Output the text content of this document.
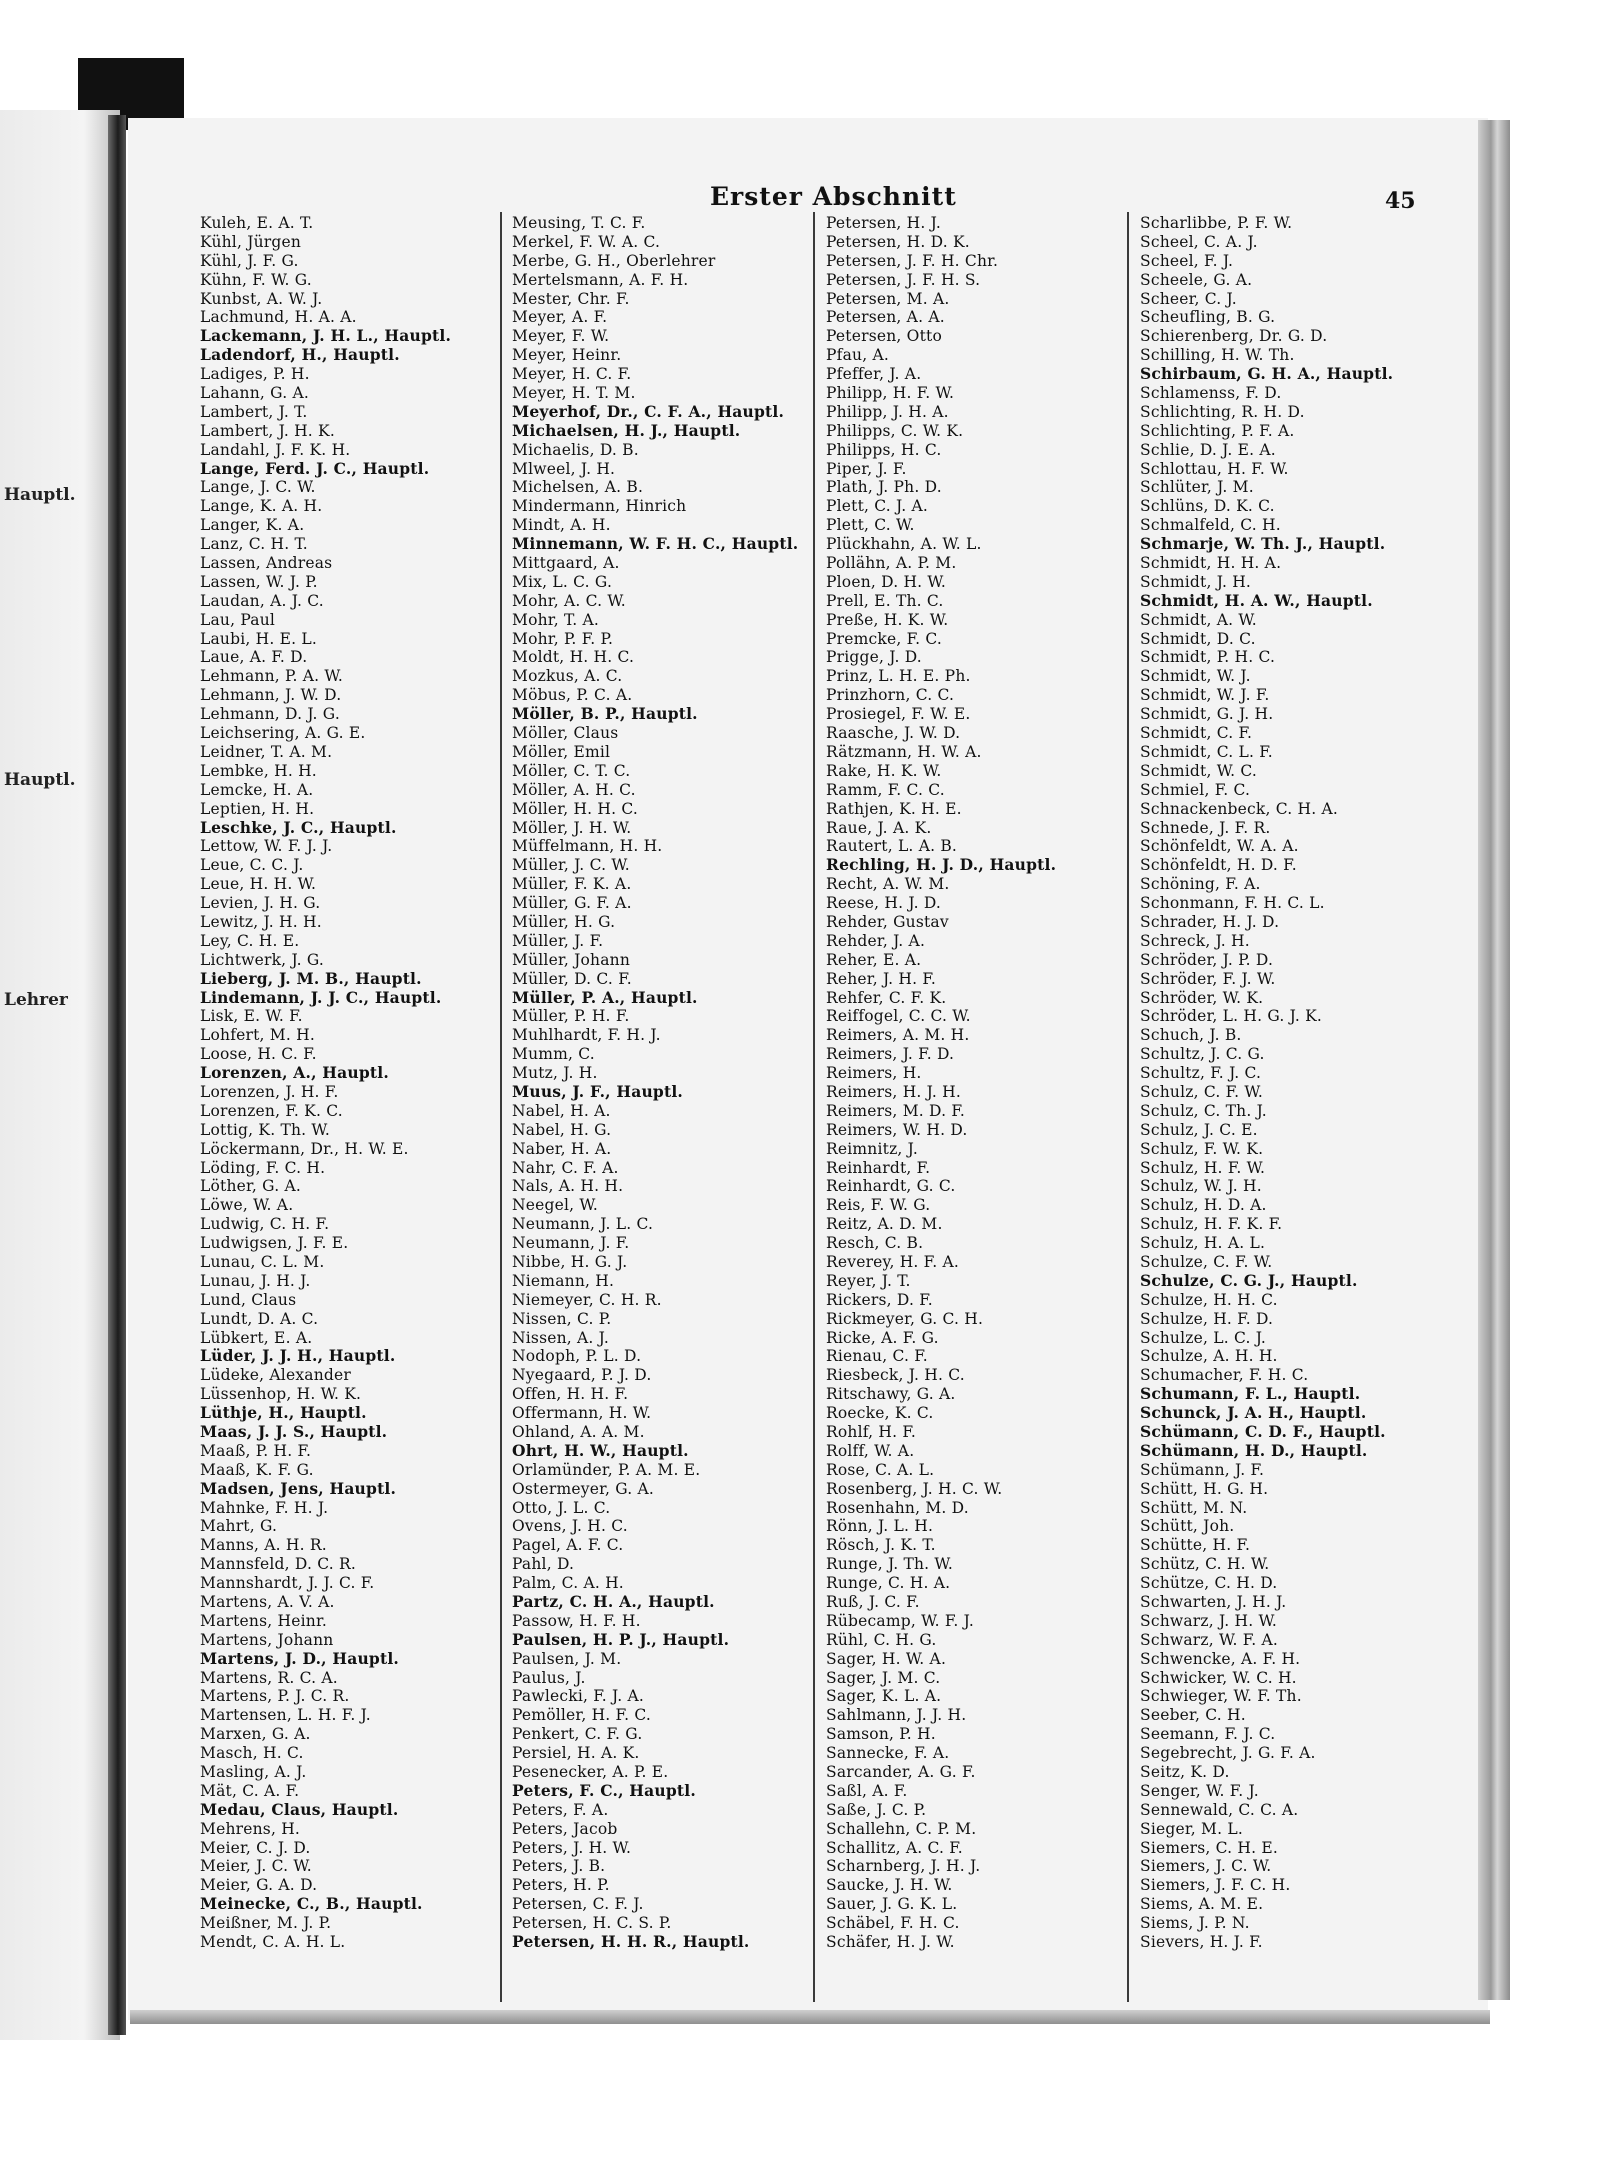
Hauptl.
Hauptl.
Lehrer
Erster Abschnitt	45
Kuleh, E. A. T.
Kühl, Jürgen
Kühl, J. F. G.
Kühn, F. W. G.
Kunbst, A. W. J.
Lachmund, H. A. A.
Lackemann, J. H. L., Hauptl.
Ladendorf, H., Hauptl.
Ladiges, P. H.
Lahann, G. A.
Lambert, J. T.
Lambert, J. H. K.
Landahl, J. F. K. H.
Lange, Ferd. J. C., Hauptl.
Lange, J. C. W.
Lange, K. A. H.
Langer, K. A.
Lanz, C. H. T.
Lassen, Andreas
Lassen, W. J. P.
Laudan, A. J. C.
Lau, Paul
Laubi, H. E. L.
Laue, A. F. D.
Lehmann, P. A. W.
Lehmann, J. W. D.
Lehmann, D. J. G.
Leichsering, A. G. E.
Leidner, T. A. M.
Lembke, H. H.
Lemcke, H. A.
Leptien, H. H.
Leschke, J. C., Hauptl.
Lettow, W. F. J. J.
Leue, C. C. J.
Leue, H. H. W.
Levien, J. H. G.
Lewitz, J. H. H.
Ley, C. H. E.
Lichtwerk, J. G.
Lieberg, J. M. B., Hauptl.
Lindemann, J. J. C., Hauptl.
Lisk, E. W. F.
Lohfert, M. H.
Loose, H. C. F.
Lorenzen, A., Hauptl.
Lorenzen, J. H. F.
Lorenzen, F. K. C.
Lottig, K. Th. W.
Löckermann, Dr., H. W. E.
Löding, F. C. H.
Löther, G. A.
Löwe, W. A.
Ludwig, C. H. F.
Ludwigsen, J. F. E.
Lunau, C. L. M.
Lunau, J. H. J.
Lund, Claus
Lundt, D. A. C.
Lübkert, E. A.
Lüder, J. J. H., Hauptl.
Lüdeke, Alexander
Lüssenhop, H. W. K.
Lüthje, H., Hauptl.
Maas, J. J. S., Hauptl.
Maaß, P. H. F.
Maaß, K. F. G.
Madsen, Jens, Hauptl.
Mahnke, F. H. J.
Mahrt, G.
Manns, A. H. R.
Mannsfeld, D. C. R.
Mannshardt, J. J. C. F.
Martens, A. V. A.
Martens, Heinr.
Martens, Johann
Martens, J. D., Hauptl.
Martens, R. C. A.
Martens, P. J. C. R.
Martensen, L. H. F. J.
Marxen, G. A.
Masch, H. C.
Masling, A. J.
Mät, C. A. F.
Medau, Claus, Hauptl.
Mehrens, H.
Meier, C. J. D.
Meier, J. C. W.
Meier, G. A. D.
Meinecke, C., B., Hauptl.
Meißner, M. J. P.
Mendt, C. A. H. L.
Meusing, T. C. F.
Merkel, F. W. A. C.
Merbe, G. H., Oberlehrer
Mertelsmann, A. F. H.
Mester, Chr. F.
Meyer, A. F.
Meyer, F. W.
Meyer, Heinr.
Meyer, H. C. F.
Meyer, H. T. M.
Meyerhof, Dr., C. F. A., Hauptl.
Michaelsen, H. J., Hauptl.
Michaelis, D. B.
Mlweel, J. H.
Michelsen, A. B.
Mindermann, Hinrich
Mindt, A. H.
Minnemann, W. F. H. C., Hauptl.
Mittgaard, A.
Mix, L. C. G.
Mohr, A. C. W.
Mohr, T. A.
Mohr, P. F. P.
Moldt, H. H. C.
Mozkus, A. C.
Möbus, P. C. A.
Möller, B. P., Hauptl.
Möller, Claus
Möller, Emil
Möller, C. T. C.
Möller, A. H. C.
Möller, H. H. C.
Möller, J. H. W.
Müffelmann, H. H.
Müller, J. C. W.
Müller, F. K. A.
Müller, G. F. A.
Müller, H. G.
Müller, J. F.
Müller, Johann
Müller, D. C. F.
Müller, P. A., Hauptl.
Müller, P. H. F.
Muhlhardt, F. H. J.
Mumm, C.
Mutz, J. H.
Muus, J. F., Hauptl.
Nabel, H. A.
Nabel, H. G.
Naber, H. A.
Nahr, C. F. A.
Nals, A. H. H.
Neegel, W.
Neumann, J. L. C.
Neumann, J. F.
Nibbe, H. G. J.
Niemann, H.
Niemeyer, C. H. R.
Nissen, C. P.
Nissen, A. J.
Nodoph, P. L. D.
Nyegaard, P. J. D.
Offen, H. H. F.
Offermann, H. W.
Ohland, A. A. M.
Ohrt, H. W., Hauptl.
Orlamünder, P. A. M. E.
Ostermeyer, G. A.
Otto, J. L. C.
Ovens, J. H. C.
Pagel, A. F. C.
Pahl, D.
Palm, C. A. H.
Partz, C. H. A., Hauptl.
Passow, H. F. H.
Paulsen, H. P. J., Hauptl.
Paulsen, J. M.
Paulus, J.
Pawlecki, F. J. A.
Pemöller, H. F. C.
Penkert, C. F. G.
Persiel, H. A. K.
Pesenecker, A. P. E.
Peters, F. C., Hauptl.
Peters, F. A.
Peters, Jacob
Peters, J. H. W.
Peters, J. B.
Peters, H. P.
Petersen, C. F. J.
Petersen, H. C. S. P.
Petersen, H. H. R., Hauptl.
Petersen, H. J.
Petersen, H. D. K.
Petersen, J. F. H. Chr.
Petersen, J. F. H. S.
Petersen, M. A.
Petersen, A. A.
Petersen, Otto
Pfau, A.
Pfeffer, J. A.
Philipp, H. F. W.
Philipp, J. H. A.
Philipps, C. W. K.
Philipps, H. C.
Piper, J. F.
Plath, J. Ph. D.
Plett, C. J. A.
Plett, C. W.
Plückhahn, A. W. L.
Pollähn, A. P. M.
Ploen, D. H. W.
Prell, E. Th. C.
Preße, H. K. W.
Premcke, F. C.
Prigge, J. D.
Prinz, L. H. E. Ph.
Prinzhorn, C. C.
Prosiegel, F. W. E.
Raasche, J. W. D.
Rätzmann, H. W. A.
Rake, H. K. W.
Ramm, F. C. C.
Rathjen, K. H. E.
Raue, J. A. K.
Rautert, L. A. B.
Rechling, H. J. D., Hauptl.
Recht, A. W. M.
Reese, H. J. D.
Rehder, Gustav
Rehder, J. A.
Reher, E. A.
Reher, J. H. F.
Rehfer, C. F. K.
Reiffogel, C. C. W.
Reimers, A. M. H.
Reimers, J. F. D.
Reimers, H.
Reimers, H. J. H.
Reimers, M. D. F.
Reimers, W. H. D.
Reimnitz, J.
Reinhardt, F.
Reinhardt, G. C.
Reis, F. W. G.
Reitz, A. D. M.
Resch, C. B.
Reverey, H. F. A.
Reyer, J. T.
Rickers, D. F.
Rickmeyer, G. C. H.
Ricke, A. F. G.
Rienau, C. F.
Riesbeck, J. H. C.
Ritschawy, G. A.
Roecke, K. C.
Rohlf, H. F.
Rolff, W. A.
Rose, C. A. L.
Rosenberg, J. H. C. W.
Rosenhahn, M. D.
Rönn, J. L. H.
Rösch, J. K. T.
Runge, J. Th. W.
Runge, C. H. A.
Ruß, J. C. F.
Rübecamp, W. F. J.
Rühl, C. H. G.
Sager, H. W. A.
Sager, J. M. C.
Sager, K. L. A.
Sahlmann, J. J. H.
Samson, P. H.
Sannecke, F. A.
Sarcander, A. G. F.
Saßl, A. F.
Saße, J. C. P.
Schallehn, C. P. M.
Schallitz, A. C. F.
Scharnberg, J. H. J.
Saucke, J. H. W.
Sauer, J. G. K. L.
Schäbel, F. H. C.
Schäfer, H. J. W.
Scharlibbe, P. F. W.
Scheel, C. A. J.
Scheel, F. J.
Scheele, G. A.
Scheer, C. J.
Scheufling, B. G.
Schierenberg, Dr. G. D.
Schilling, H. W. Th.
Schirbaum, G. H. A., Hauptl.
Schlamenss, F. D.
Schlichting, R. H. D.
Schlichting, P. F. A.
Schlie, D. J. E. A.
Schlottau, H. F. W.
Schlüter, J. M.
Schlüns, D. K. C.
Schmalfeld, C. H.
Schmarje, W. Th. J., Hauptl.
Schmidt, H. H. A.
Schmidt, J. H.
Schmidt, H. A. W., Hauptl.
Schmidt, A. W.
Schmidt, D. C.
Schmidt, P. H. C.
Schmidt, W. J.
Schmidt, W. J. F.
Schmidt, G. J. H.
Schmidt, C. F.
Schmidt, C. L. F.
Schmidt, W. C.
Schmiel, F. C.
Schnackenbeck, C. H. A.
Schnede, J. F. R.
Schönfeldt, W. A. A.
Schönfeldt, H. D. F.
Schöning, F. A.
Schonmann, F. H. C. L.
Schrader, H. J. D.
Schreck, J. H.
Schröder, J. P. D.
Schröder, F. J. W.
Schröder, W. K.
Schröder, L. H. G. J. K.
Schuch, J. B.
Schultz, J. C. G.
Schultz, F. J. C.
Schulz, C. F. W.
Schulz, C. Th. J.
Schulz, J. C. E.
Schulz, F. W. K.
Schulz, H. F. W.
Schulz, W. J. H.
Schulz, H. D. A.
Schulz, H. F. K. F.
Schulz, H. A. L.
Schulze, C. F. W.
Schulze, C. G. J., Hauptl.
Schulze, H. H. C.
Schulze, H. F. D.
Schulze, L. C. J.
Schulze, A. H. H.
Schumacher, F. H. C.
Schumann, F. L., Hauptl.
Schunck, J. A. H., Hauptl.
Schümann, C. D. F., Hauptl.
Schümann, H. D., Hauptl.
Schümann, J. F.
Schütt, H. G. H.
Schütt, M. N.
Schütt, Joh.
Schütte, H. F.
Schütz, C. H. W.
Schütze, C. H. D.
Schwarten, J. H. J.
Schwarz, J. H. W.
Schwarz, W. F. A.
Schwencke, A. F. H.
Schwicker, W. C. H.
Schwieger, W. F. Th.
Seeber, C. H.
Seemann, F. J. C.
Segebrecht, J. G. F. A.
Seitz, K. D.
Senger, W. F. J.
Sennewald, C. C. A.
Sieger, M. L.
Siemers, C. H. E.
Siemers, J. C. W.
Siemers, J. F. C. H.
Siems, A. M. E.
Siems, J. P. N.
Sievers, H. J. F.
